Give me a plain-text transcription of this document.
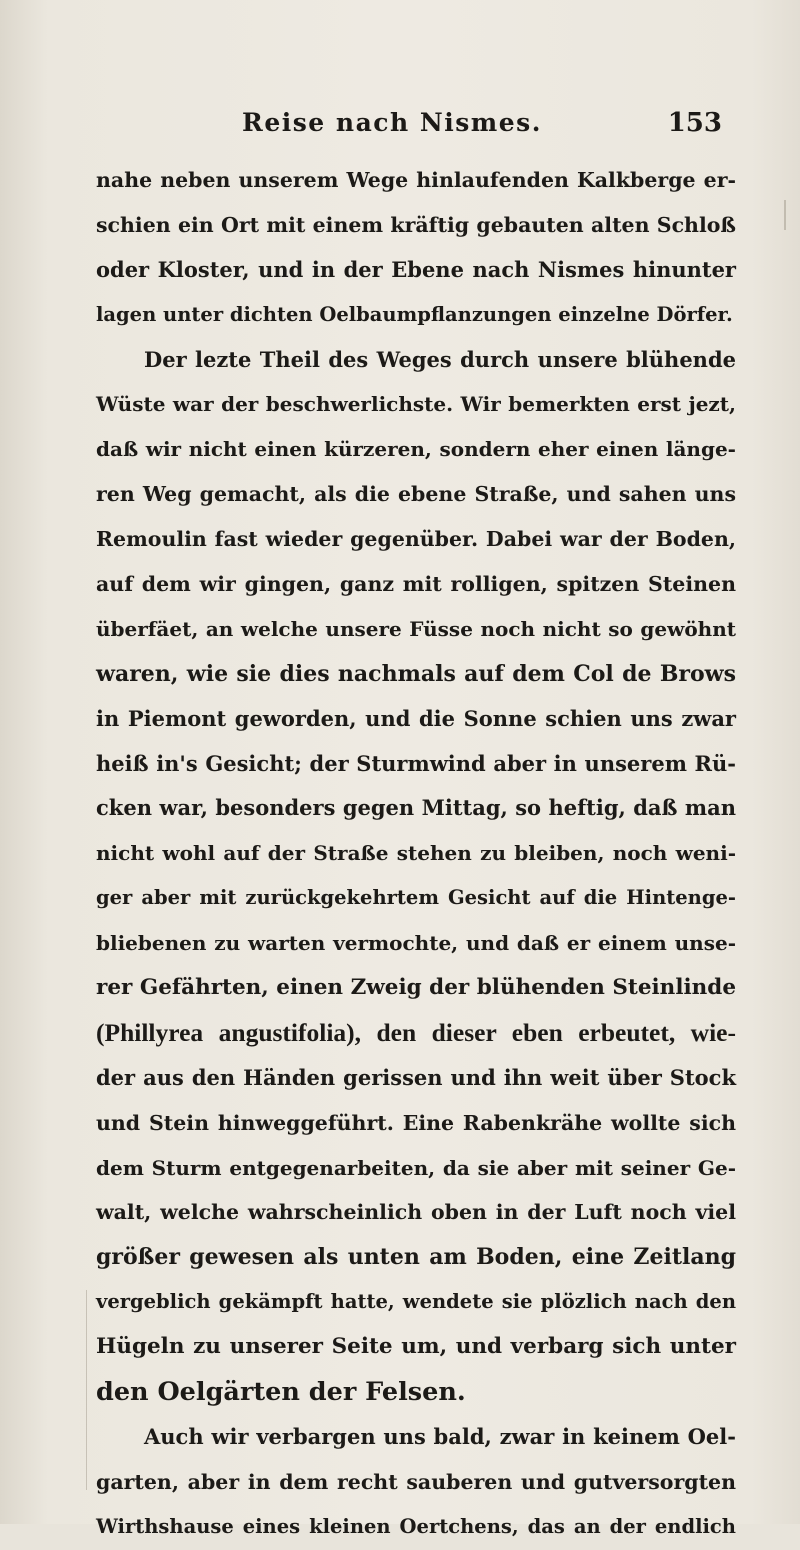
Reise nach Nismes.	153
nahe neben unserem Wege hinlaufenden Kalkberge er-
schien ein Ort mit einem kräftig gebauten alten Schloß
oder Kloster, und in der Ebene nach Nismes hinunter
lagen unter dichten Oelbaumpflanzungen einzelne Dörfer.
Der lezte Theil des Weges durch unsere blühende
Wüste war der beschwerlichste. Wir bemerkten erst jezt,
daß wir nicht einen kürzeren, sondern eher einen länge-
ren Weg gemacht, als die ebene Straße, und sahen uns
Remoulin fast wieder gegenüber. Dabei war der Boden,
auf dem wir gingen, ganz mit rolligen, spitzen Steinen
überfäet, an welche unsere Füsse noch nicht so gewöhnt
waren, wie sie dies nachmals auf dem Col de Brows
in Piemont geworden, und die Sonne schien uns zwar
heiß in's Gesicht; der Sturmwind aber in unserem Rü-
cken war, besonders gegen Mittag, so heftig, daß man
nicht wohl auf der Straße stehen zu bleiben, noch weni-
ger aber mit zurückgekehrtem Gesicht auf die Hintenge-
bliebenen zu warten vermochte, und daß er einem unse-
rer Gefährten, einen Zweig der blühenden Steinlinde
(Phillyrea angustifolia), den dieser eben erbeutet, wie-
der aus den Händen gerissen und ihn weit über Stock
und Stein hinweggeführt. Eine Rabenkrähe wollte sich
dem Sturm entgegenarbeiten, da sie aber mit seiner Ge-
walt, welche wahrscheinlich oben in der Luft noch viel
größer gewesen als unten am Boden, eine Zeitlang
vergeblich gekämpft hatte, wendete sie plözlich nach den
Hügeln zu unserer Seite um, und verbarg sich unter
den Oelgärten der Felsen.
Auch wir verbargen uns bald, zwar in keinem Oel-
garten, aber in dem recht sauberen und gutversorgten
Wirthshause eines kleinen Oertchens, das an der endlich
